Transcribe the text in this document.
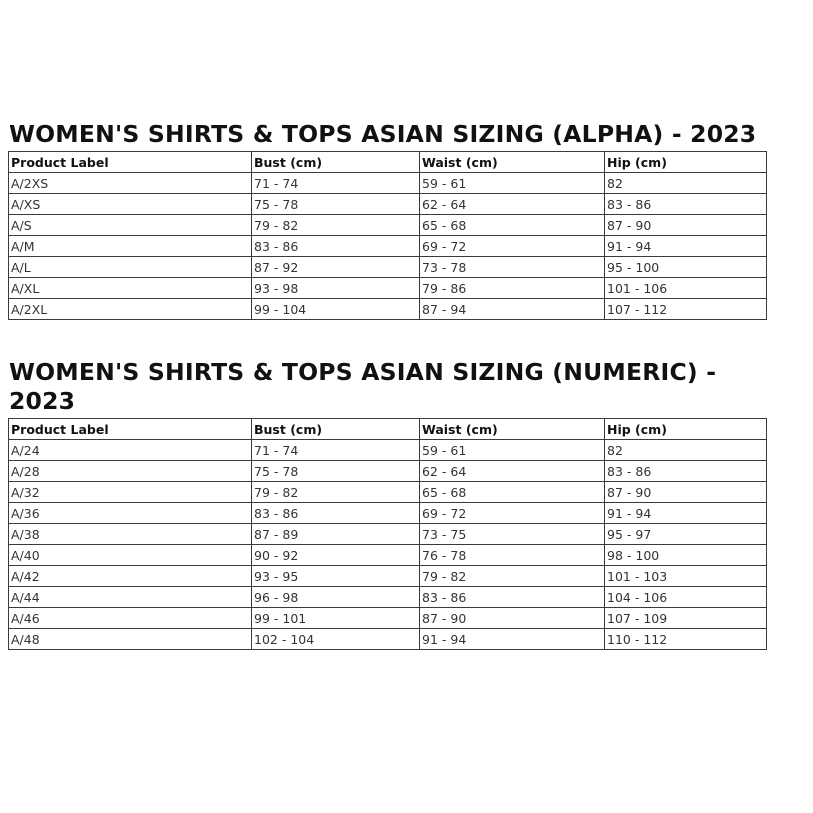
WOMEN'S SHIRTS & TOPS ASIAN SIZING (ALPHA) - 2023
Product Label	Bust (cm)	Waist (cm)	Hip (cm)
A/2XS	71 - 74	59 - 61	82
A/XS	75 - 78	62 - 64	83 - 86
A/S	79 - 82	65 - 68	87 - 90
A/M	83 - 86	69 - 72	91 - 94
A/L	87 - 92	73 - 78	95 - 100
A/XL	93 - 98	79 - 86	101 - 106
A/2XL	99 - 104	87 - 94	107 - 112
WOMEN'S SHIRTS & TOPS ASIAN SIZING (NUMERIC) - 2023
Product Label	Bust (cm)	Waist (cm)	Hip (cm)
A/24	71 - 74	59 - 61	82
A/28	75 - 78	62 - 64	83 - 86
A/32	79 - 82	65 - 68	87 - 90
A/36	83 - 86	69 - 72	91 - 94
A/38	87 - 89	73 - 75	95 - 97
A/40	90 - 92	76 - 78	98 - 100
A/42	93 - 95	79 - 82	101 - 103
A/44	96 - 98	83 - 86	104 - 106
A/46	99 - 101	87 - 90	107 - 109
A/48	102 - 104	91 - 94	110 - 112
